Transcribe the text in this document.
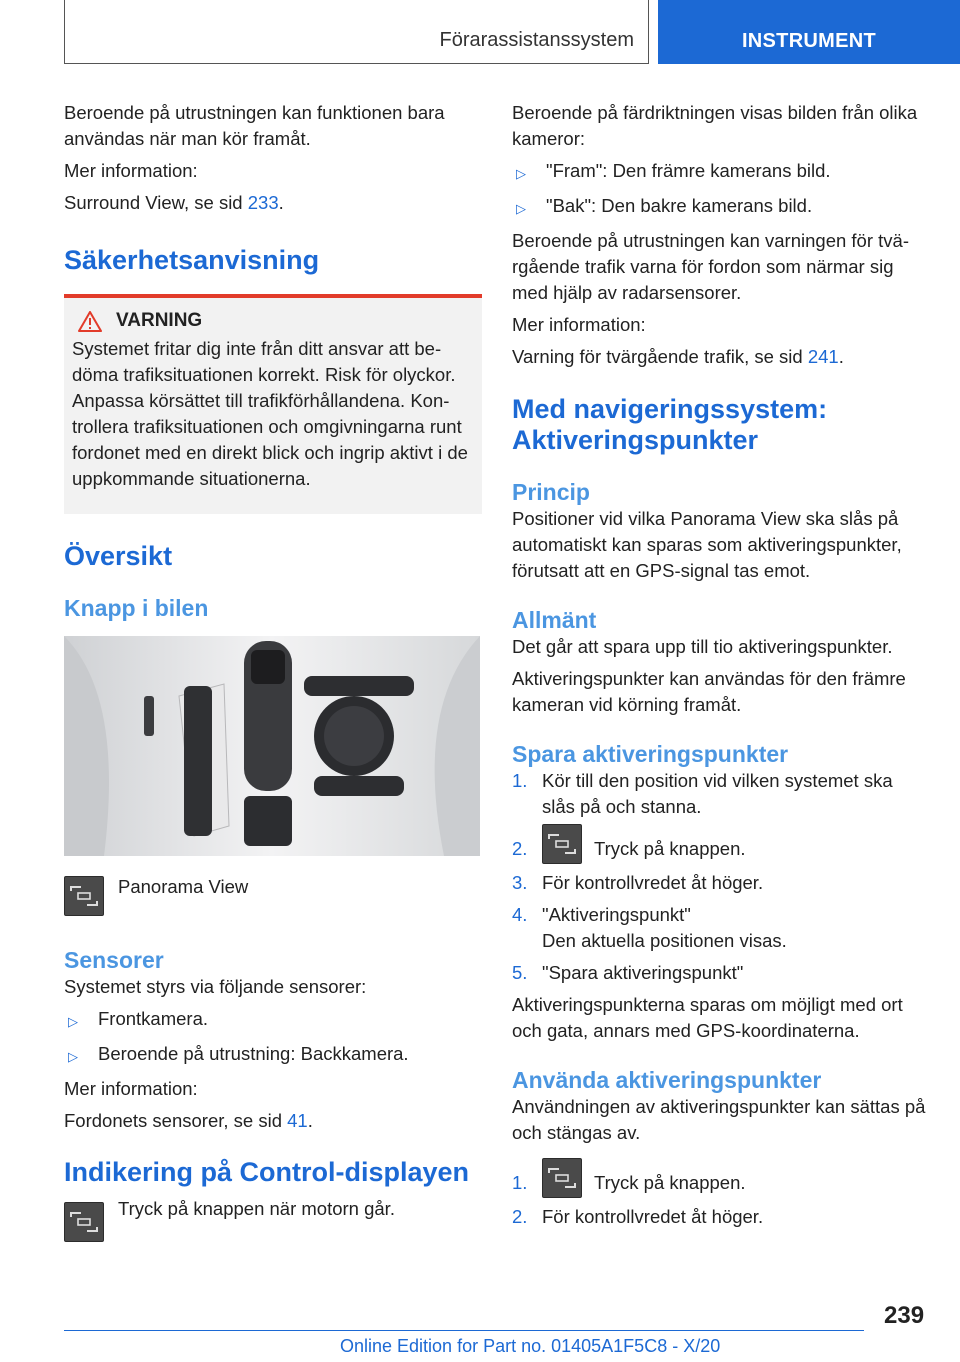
Förarassistanssystem	INSTRUMENT

Beroende på utrustningen kan funktionen bara användas när man kör framåt.

Mer information:

Surround View, se sid 233.

Säkerhetsanvisning
VARNING

Systemet fritar dig inte från ditt ansvar att bedöma trafiksituationen korrekt. Risk för olyckor. Anpassa körsättet till trafikförhållandena. Kontrollera trafiksituationen och omgivningarna runt fordonet med en direkt blick och ingrip aktivt i de uppkommande situationerna.

Översikt
Knapp i bilen

Panorama View

Sensorer

Systemet styrs via följande sensorer:

▷	Frontkamera.
▷	Beroende på utrustning: Backkamera.

Mer information:

Fordonets sensorer, se sid 41.

Indikering på Control-displayen

Tryck på knappen när motorn går.

Beroende på färdriktningen visas bilden från olika kameror:

▷	"Fram": Den främre kamerans bild.
▷	"Bak": Den bakre kamerans bild.

Beroende på utrustningen kan varningen för tvärgående trafik varna för fordon som närmar sig med hjälp av radarsensorer.

Mer information:

Varning för tvärgående trafik, se sid 241.

Med navigeringssystem: Aktiveringspunkter
Princip

Positioner vid vilka Panorama View ska slås på automatiskt kan sparas som aktiveringspunkter, förutsatt att en GPS-signal tas emot.

Allmänt

Det går att spara upp till tio aktiveringspunkter.

Aktiveringspunkter kan användas för den främre kameran vid körning framåt.

Spara aktiveringspunkter
1. Kör till den position vid vilken systemet ska slås på och stanna.
2.	Tryck på knappen.
3. För kontrollvredet åt höger.
4. "Aktiveringspunkt"

Den aktuella positionen visas.

5. "Spara aktiveringspunkt"

Aktiveringspunkterna sparas om möjligt med ort och gata, annars med GPS-koordinaterna.

Använda aktiveringspunkter

Användningen av aktiveringspunkter kan sättas på och stängas av.

1.	Tryck på knappen.
2. För kontrollvredet åt höger.
239
Online Edition for Part no. 01405A1F5C8 - X/20
